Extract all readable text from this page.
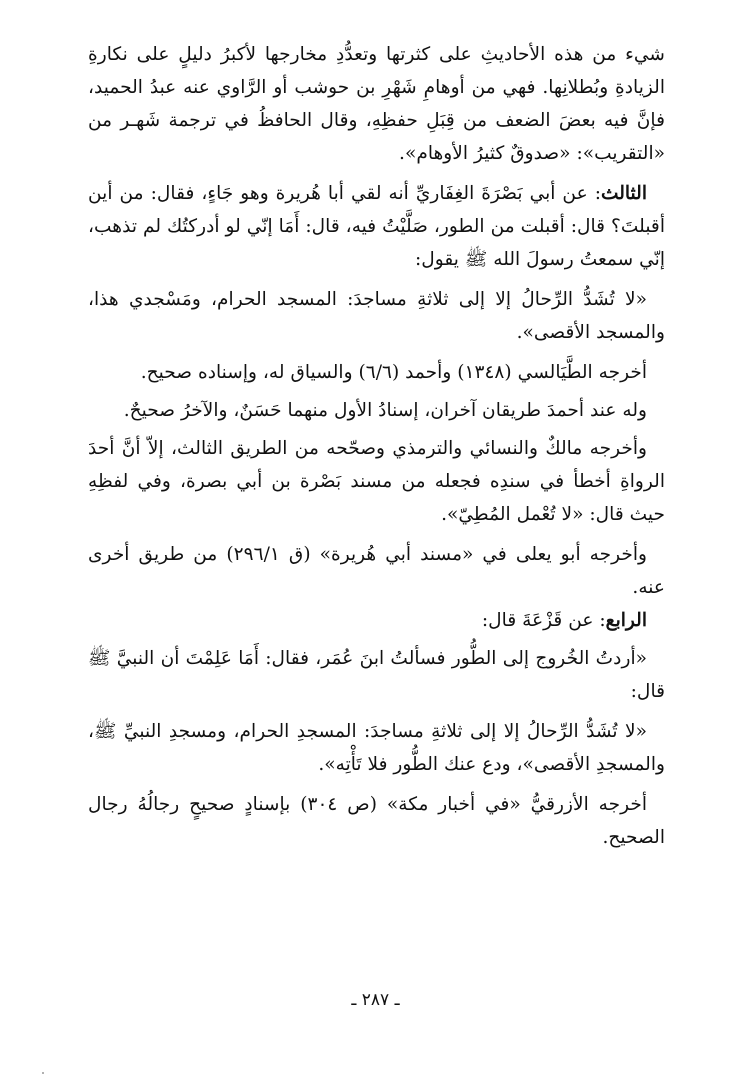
شيء من هذه الأحاديثِ على كثرتها وتعدُّدِ مخارجها لأكبرُ دليلٍ على نكارةِ الزيادةِ وبُطلانِها. فهي من أوهامِ شَهْرِ بن حوشب أو الرَّاوي عنه عبدُ الحميد، فإنَّ فيه بعضَ الضعف من قِبَلِ حفظِهِ، وقال الحافظُ في ترجمة شَهـر من «التقريب»: «صدوقٌ كثيرُ الأوهام».

الثالث: عن أبي بَصْرَةَ الغِفَاريِّ أنه لقي أبا هُريرة وهو جَاءٍ، فقال: من أين أقبلتَ؟ قال: أقبلت من الطور، صَلَّيْتُ فيه، قال: أَمَا إنّي لو أدركتُك لم تذهب، إنّي سمعتُ رسولَ الله ﷺ يقول:

«لا تُشَدُّ الرِّحالُ إلا إلى ثلاثةِ مساجدَ: المسجد الحرام، ومَسْجدي هذا، والمسجد الأقصى».

أخرجه الطَّيَالسي (١٣٤٨) وأحمد (٦/٦) والسياق له، وإسناده صحيح.

وله عند أحمدَ طريقان آخران، إسنادُ الأول منهما حَسَنٌ، والآخرُ صحيحٌ.

وأخرجه مالكٌ والنسائي والترمذي وصحّحه من الطريق الثالث، إلاّ أنَّ أحدَ الرواةِ أخطأ في سندِه فجعله من مسند بَصْرة بن أبي بصرة، وفي لفظِهِ حيث قال: «لا تُعْمل المُطِيّ».

وأخرجه أبو يعلى في «مسند أبي هُريرة» (ق ٢٩٦/١) من طريق أخرى عنه.

الرابع: عن قَزْعَةَ قال:

«أردتُ الخُروج إلى الطُّور فسألتُ ابنَ عُمَر، فقال: أَمَا عَلِمْتَ أن النبيَّ ﷺ قال:

«لا تُشَدُّ الرِّحالُ إلا إلى ثلاثةِ مساجدَ: المسجدِ الحرام، ومسجدِ النبيِّ ﷺ، والمسجدِ الأقصى»، ودع عنك الطُّور فلا تَأْتِه».

أخرجه الأزرقيُّ «في أخبار مكة» (ص ٣٠٤) بإسنادٍ صحيحٍ رجالُهُ رجال الصحيح.

ـ ٢٨٧ ـ
